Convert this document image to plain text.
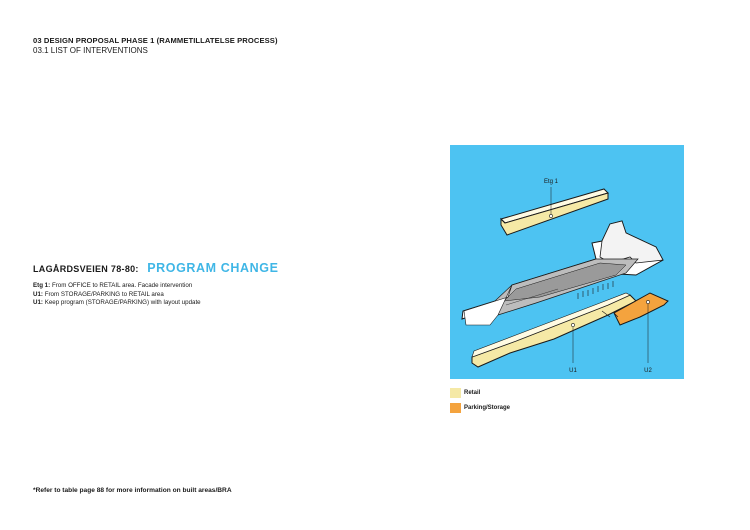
03 DESIGN PROPOSAL PHASE 1 (RAMMETILLATELSE PROCESS)
03.1 LIST OF INTERVENTIONS
LAGÅRDSVEIEN 78-80: PROGRAM CHANGE
Etg 1: From OFFICE to RETAIL area. Facade intervention
U1: From STORAGE/PARKING to RETAIL area
U1: Keep program (STORAGE/PARKING) with layout update
Etg 1
U1	U2
Retail
Parking/Storage
*Refer to table page 88 for more information on built areas/BRA
